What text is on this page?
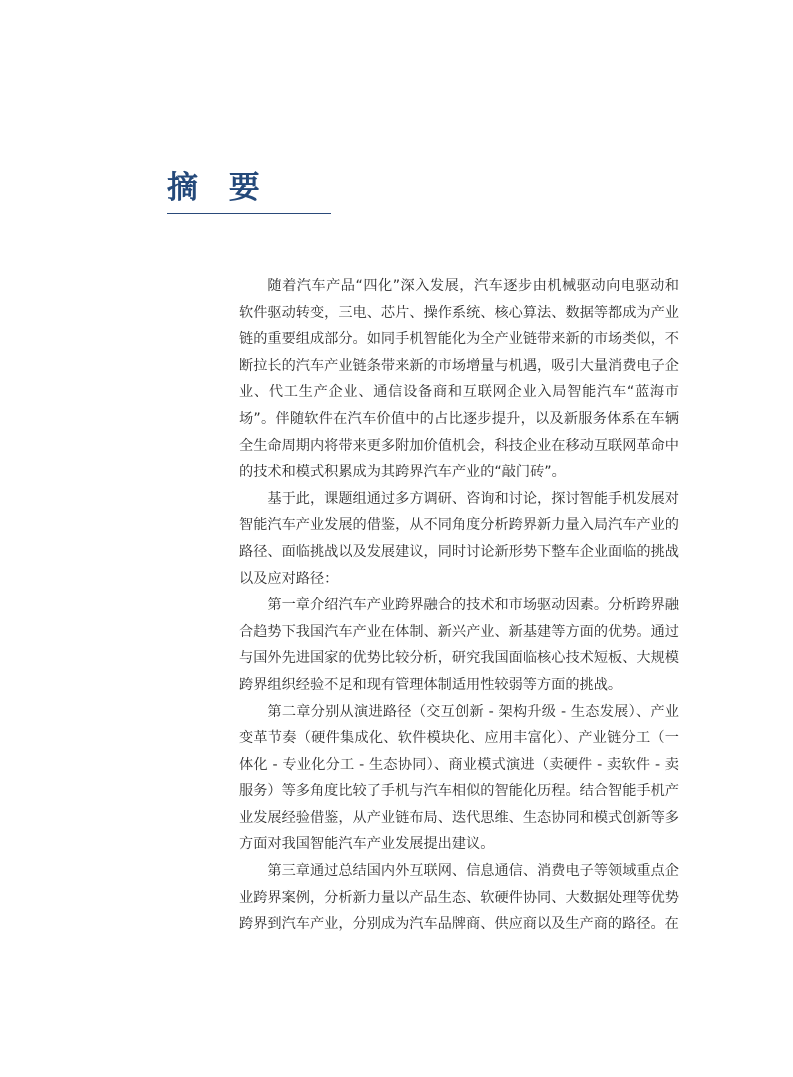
摘 要

随着汽车产品“四化”深入发展，汽车逐步由机械驱动向电驱动和软件驱动转变，三电、芯片、操作系统、核心算法、数据等都成为产业链的重要组成部分。如同手机智能化为全产业链带来新的市场类似，不断拉长的汽车产业链条带来新的市场增量与机遇，吸引大量消费电子企业、代工生产企业、通信设备商和互联网企业入局智能汽车“蓝海市场”。伴随软件在汽车价值中的占比逐步提升，以及新服务体系在车辆全生命周期内将带来更多附加价值机会，科技企业在移动互联网革命中的技术和模式积累成为其跨界汽车产业的“敲门砖”。

基于此，课题组通过多方调研、咨询和讨论，探讨智能手机发展对智能汽车产业发展的借鉴，从不同角度分析跨界新力量入局汽车产业的路径、面临挑战以及发展建议，同时讨论新形势下整车企业面临的挑战以及应对路径：

第一章介绍汽车产业跨界融合的技术和市场驱动因素。分析跨界融合趋势下我国汽车产业在体制、新兴产业、新基建等方面的优势。通过与国外先进国家的优势比较分析，研究我国面临核心技术短板、大规模跨界组织经验不足和现有管理体制适用性较弱等方面的挑战。

第二章分别从演进路径（交互创新 - 架构升级 - 生态发展）、产业变革节奏（硬件集成化、软件模块化、应用丰富化）、产业链分工（一体化 - 专业化分工 - 生态协同）、商业模式演进（卖硬件 - 卖软件 - 卖服务）等多角度比较了手机与汽车相似的智能化历程。结合智能手机产业发展经验借鉴，从产业链布局、迭代思维、生态协同和模式创新等多方面对我国智能汽车产业发展提出建议。

第三章通过总结国内外互联网、信息通信、消费电子等领域重点企业跨界案例，分析新力量以产品生态、软硬件协同、大数据处理等优势跨界到汽车产业，分别成为汽车品牌商、供应商以及生产商的路径。在
